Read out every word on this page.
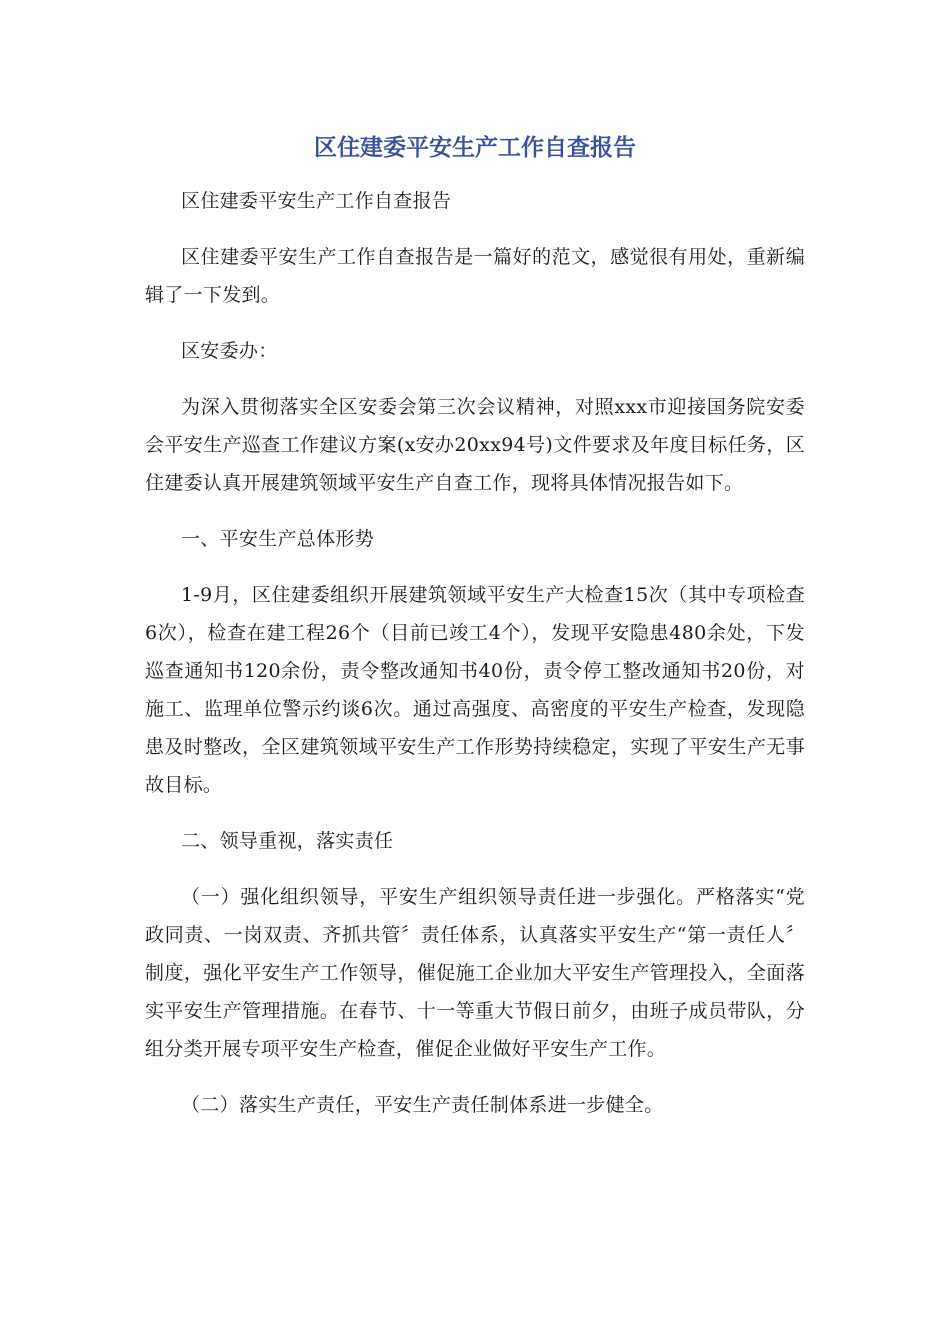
区住建委平安生产工作自查报告

区住建委平安生产工作自查报告

区住建委平安生产工作自查报告是一篇好的范文，感觉很有用处，重新编辑了一下发到。

区安委办：

为深入贯彻落实全区安委会第三次会议精神，对照xxx市迎接国务院安委会平安生产巡查工作建议方案(x安办20xx94号)文件要求及年度目标任务，区住建委认真开展建筑领域平安生产自查工作，现将具体情况报告如下。

一、平安生产总体形势

1-9月，区住建委组织开展建筑领域平安生产大检查15次（其中专项检查6次），检查在建工程26个（目前已竣工4个），发现平安隐患480余处，下发巡查通知书120余份，责令整改通知书40份，责令停工整改通知书20份，对施工、监理单位警示约谈6次。通过高强度、高密度的平安生产检查，发现隐患及时整改，全区建筑领域平安生产工作形势持续稳定，实现了平安生产无事故目标。

二、领导重视，落实责任

（一）强化组织领导，平安生产组织领导责任进一步强化。严格落实“党政同责、一岗双责、齐抓共管〞责任体系，认真落实平安生产“第一责任人〞制度，强化平安生产工作领导，催促施工企业加大平安生产管理投入，全面落实平安生产管理措施。在春节、十一等重大节假日前夕，由班子成员带队，分组分类开展专项平安生产检查，催促企业做好平安生产工作。

（二）落实生产责任，平安生产责任制体系进一步健全。
